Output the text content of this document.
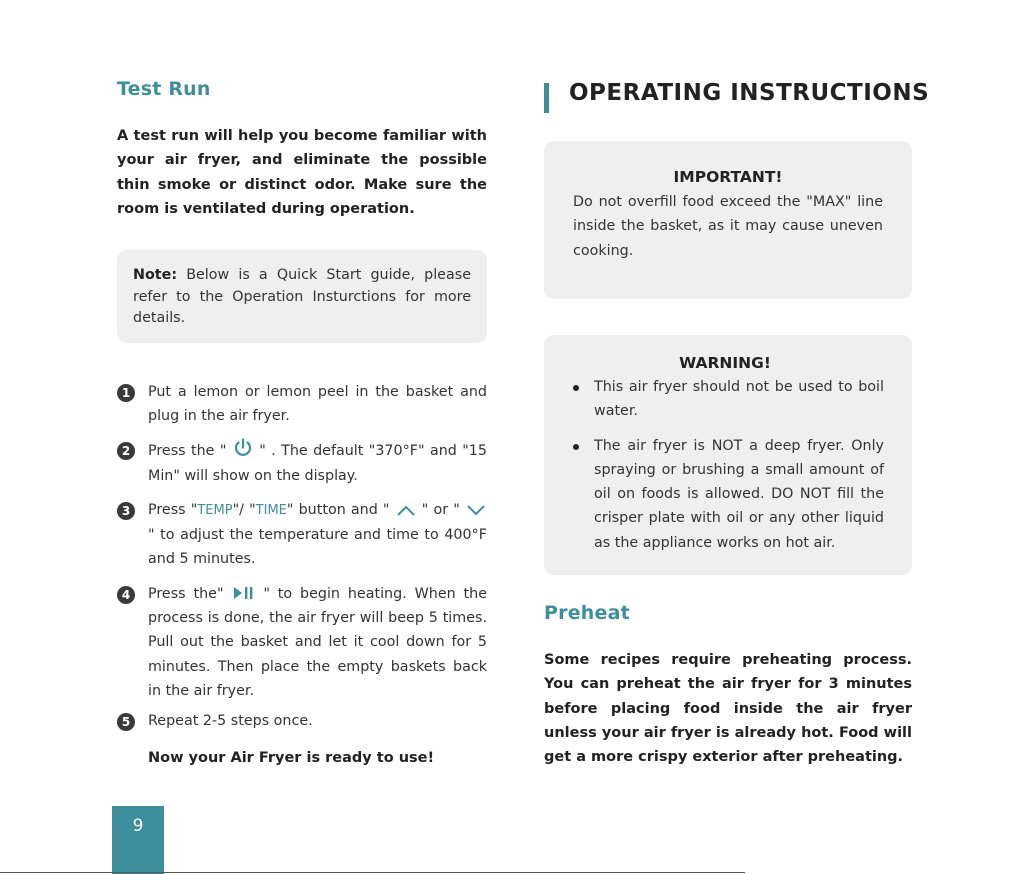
Test Run

A test run will help you become familiar with your air fryer, and eliminate the possible thin smoke or distinct odor. Make sure the room is ventilated during operation.

Note: Below is a Quick Start guide, please refer to the Operation Insturctions for more details.
1	Put a lemon or lemon peel in the basket and plug in the air fryer.
2	Press the " " . The default "370°F" and "15 Min" will show on the display.
3	Press "TEMP"/ "TIME" button and " " or "  " to adjust the temperature and time to 400°F and 5 minutes.
4	Press the"	" to begin heating. When the process is done, the air fryer will beep 5 times. Pull out the basket and let it cool down for 5 minutes. Then place the empty baskets back in the air fryer.
5	Repeat 2-5 steps once.

Now your Air Fryer is ready to use!

OPERATING INSTRUCTIONS
IMPORTANT!

Do not overfill food exceed the "MAX" line inside the basket, as it may cause uneven cooking.

WARNING!
This air fryer should not be used to boil water.
The air fryer is NOT a deep fryer. Only spraying or brushing a small amount of oil on foods is allowed. DO NOT fill the crisper plate with oil or any other liquid as the appliance works on hot air.
Preheat

Some recipes require preheating process. You can preheat the air fryer for 3 minutes before placing food inside the air fryer unless your air fryer is already hot. Food will get a more crispy exterior after preheating.

9
